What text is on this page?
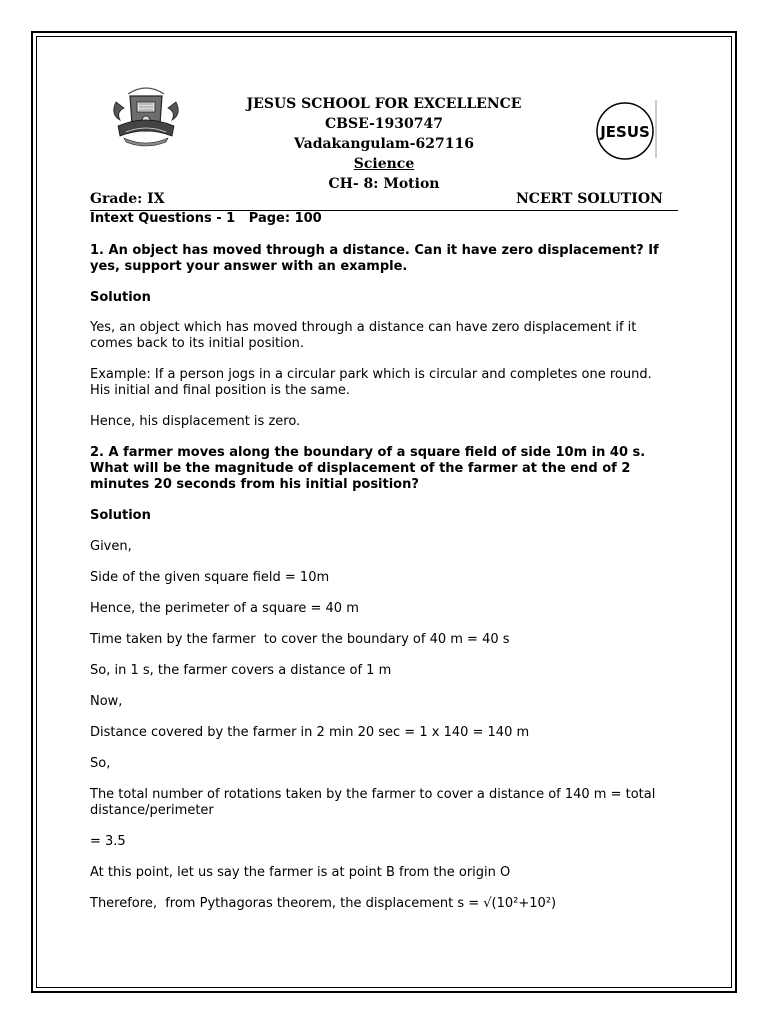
JESUS SCHOOL FOR EXCELLENCE
CBSE-1930747
Vadakangulam-627116
Science
CH- 8: Motion
JESUS
Grade: IX	NCERT SOLUTION

Intext Questions - 1   Page: 100

1. An object has moved through a distance. Can it have zero displacement? If yes, support your answer with an example.

Solution

Yes, an object which has moved through a distance can have zero displacement if it comes back to its initial position.

Example: If a person jogs in a circular park which is circular and completes one round. His initial and final position is the same.

Hence, his displacement is zero.

2. A farmer moves along the boundary of a square field of side 10m in 40 s. What will be the magnitude of displacement of the farmer at the end of 2 minutes 20 seconds from his initial position?

Solution

Given,

Side of the given square field = 10m

Hence, the perimeter of a square = 40 m

Time taken by the farmer  to cover the boundary of 40 m = 40 s

So, in 1 s, the farmer covers a distance of 1 m

Now,

Distance covered by the farmer in 2 min 20 sec = 1 x 140 = 140 m

So,

The total number of rotations taken by the farmer to cover a distance of 140 m = total distance/perimeter

= 3.5

At this point, let us say the farmer is at point B from the origin O

Therefore,  from Pythagoras theorem, the displacement s = √(10²+10²)
